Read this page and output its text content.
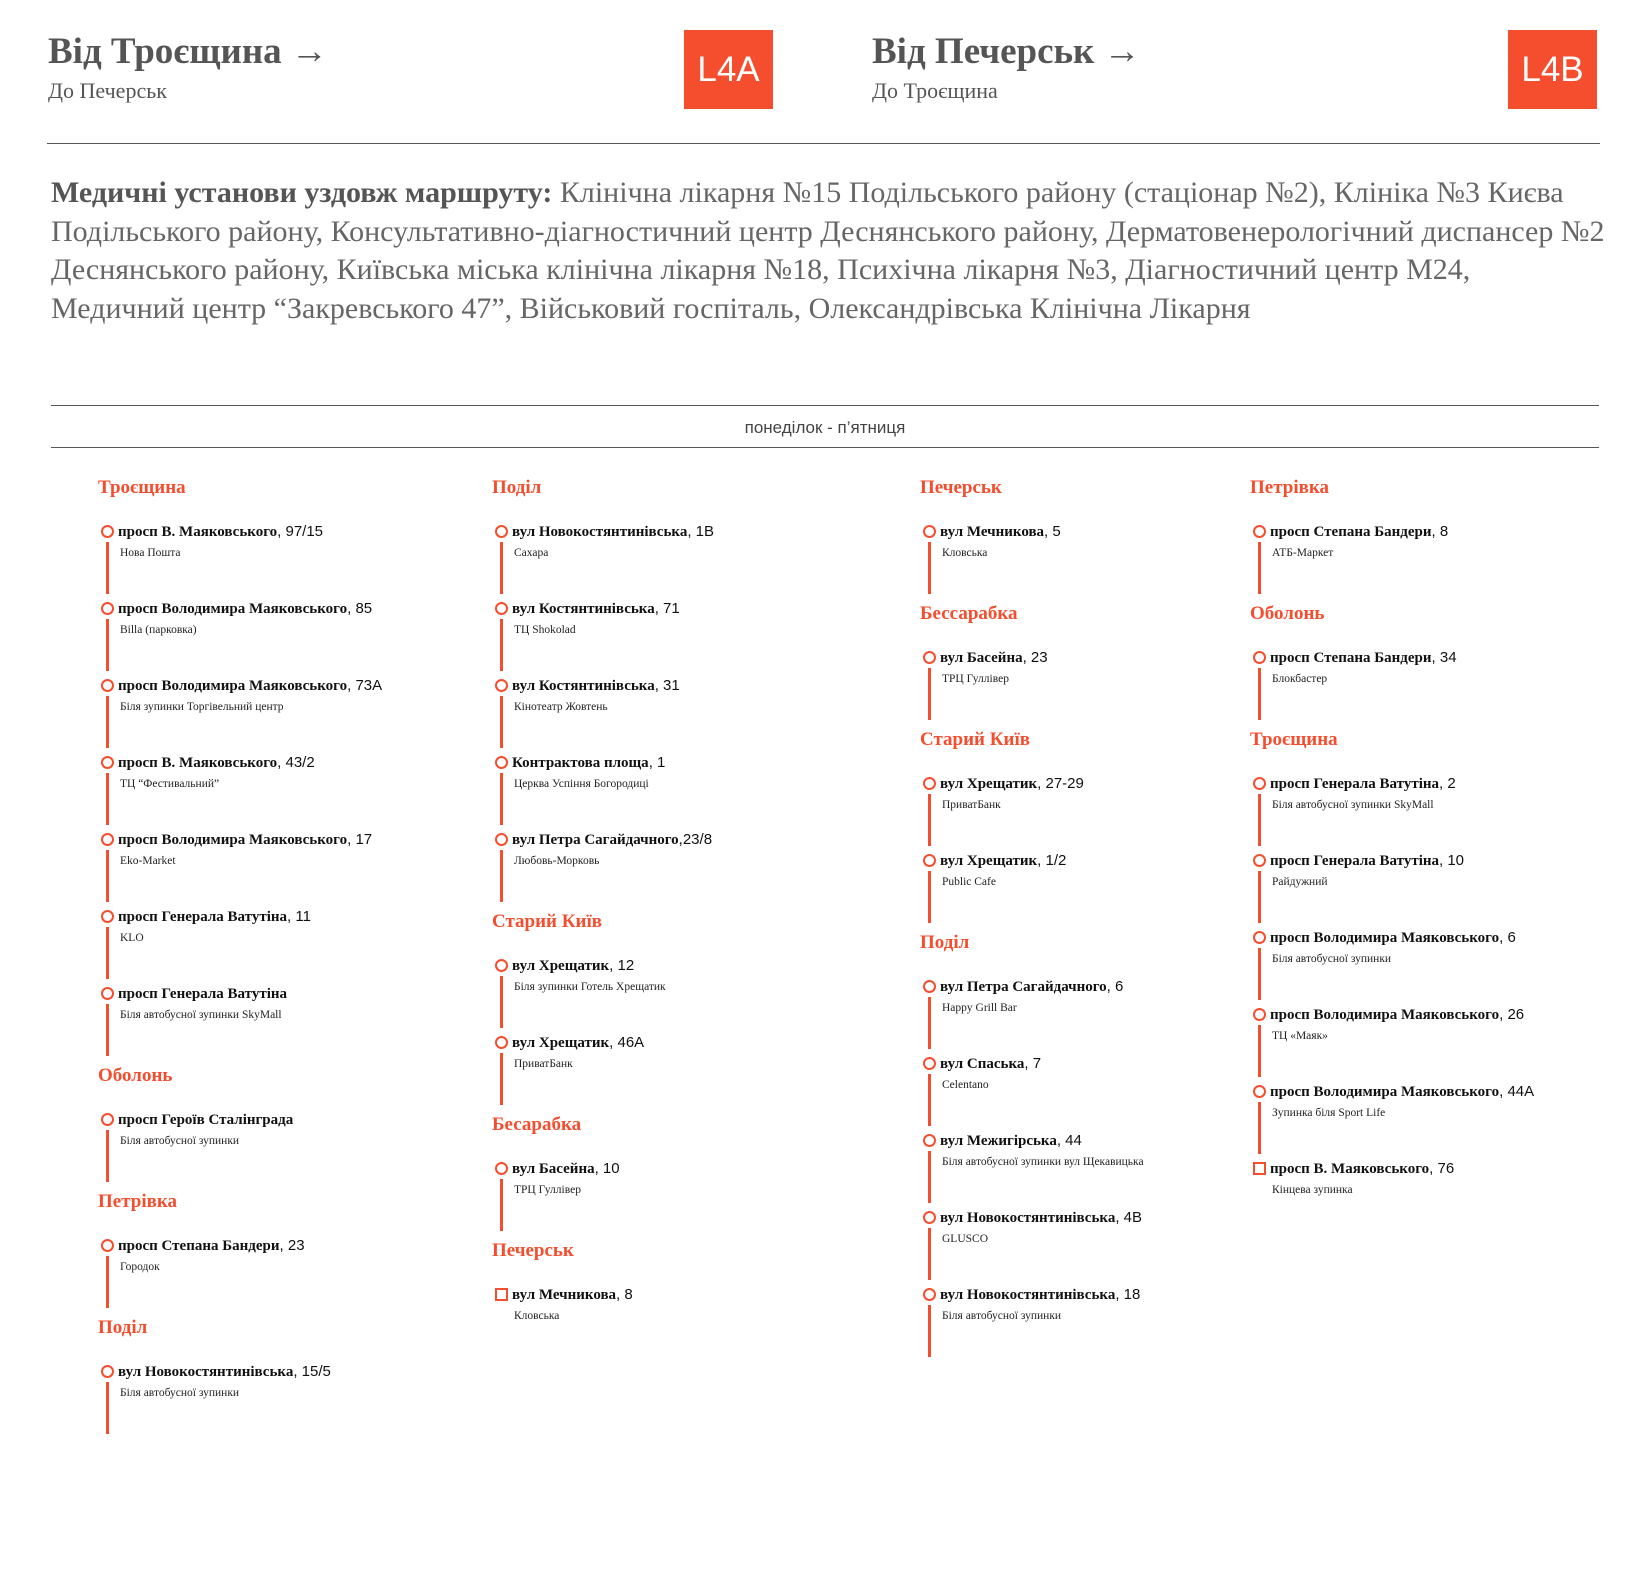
Від Троєщина →
До Печерськ
L4A	Від Печерськ →
До Троєщина
L4B
Медичні установи уздовж маршруту: Клінічна лікарня №15 Подільського району (стаціонар №2), Клініка №3 Києва Подільського району, Консультативно-діагностичний центр Деснянського району, Дерматовенерологічний диспансер №2 Деснянського району, Київська міська клінічна лікарня №18, Психічна лікарня №3, Діагностичний центр М24, Медичний центр “Закревського 47”, Військовий госпіталь, Олександрівська Клінічна Лікарня
понеділок - п’ятниця
Троєщина
просп В. Маяковського, 97/15
Нова Пошта
просп Володимира Маяковського, 85
Billa (парковка)
просп Володимира Маяковського, 73А
Біля зупинки Торгівельний центр
просп В. Маяковського, 43/2
ТЦ “Фестивальний”
просп Володимира Маяковського, 17
Eko-Market
просп Генерала Ватутіна, 11
KLO
просп Генерала Ватутіна
Біля автобусної зупинки SkyMall
Оболонь
просп Героїв Сталінграда
Біля автобусної зупинки
Петрівка
просп Степана Бандери, 23
Городок
Поділ
вул Новокостянтинівська, 15/5
Біля автобусної зупинки
Поділ
вул Новокостянтинівська, 1В
Сахара
вул Костянтинівська, 71
ТЦ Shokolad
вул Костянтинівська, 31
Кінотеатр Жовтень
Контрактова площа, 1
Церква Успіння Богородиці
вул Петра Сагайдачного,23/8
Любовь-Морковь
Старий Київ
вул Хрещатик, 12
Біля зупинки Готель Хрещатик
вул Хрещатик, 46А
ПриватБанк
Бесарабка
вул Басейна, 10
ТРЦ Гуллівер
Печерськ
вул Мечникова, 8
Кловська
Печерськ
вул Мечникова, 5
Кловська
Бессарабка
вул Басейна, 23
ТРЦ Гуллівер
Старий Київ
вул Хрещатик, 27-29
ПриватБанк
вул Хрещатик, 1/2
Public Cafe
Поділ
вул Петра Сагайдачного, 6
Happy Grill Bar
вул Спаська, 7
Celentano
вул Межигірська, 44
Біля автобусної зупинки вул Щекавицька
вул Новокостянтинівська, 4В
GLUSCO
вул Новокостянтинівська, 18
Біля автобусної зупинки
Петрівка
просп Степана Бандери, 8
АТБ-Маркет
Оболонь
просп Степана Бандери, 34
Блокбастер
Троєщина
просп Генерала Ватутіна, 2
Біля автобусної зупинки SkyMall
просп Генерала Ватутіна, 10
Райдужний
просп Володимира Маяковського, 6
Біля автобусної зупинки
просп Володимира Маяковського, 26
ТЦ «Маяк»
просп Володимира Маяковського, 44А
Зупинка біля Sport Life
просп В. Маяковського, 76
Кінцева зупинка
